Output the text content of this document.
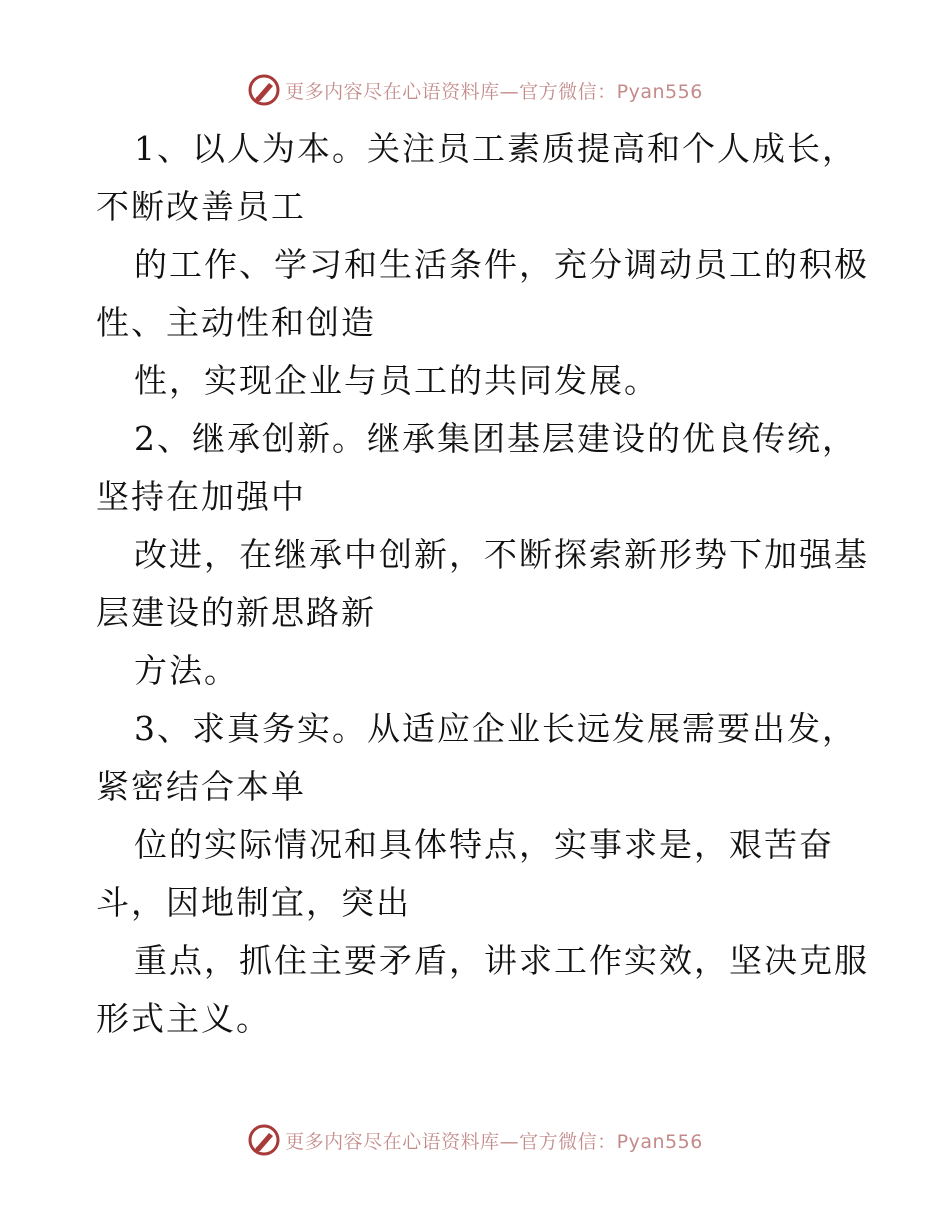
更多内容尽在心语资料库—官方微信：Pyan556
1、以人为本。关注员工素质提高和个人成长，
不断改善员工
的工作、学习和生活条件，充分调动员工的积极
性、主动性和创造
性，实现企业与员工的共同发展。
2、继承创新。继承集团基层建设的优良传统，
坚持在加强中
改进，在继承中创新，不断探索新形势下加强基
层建设的新思路新
方法。
3、求真务实。从适应企业长远发展需要出发，
紧密结合本单
位的实际情况和具体特点，实事求是，艰苦奋
斗，因地制宜，突出
重点，抓住主要矛盾，讲求工作实效，坚决克服
形式主义。
更多内容尽在心语资料库—官方微信：Pyan556
